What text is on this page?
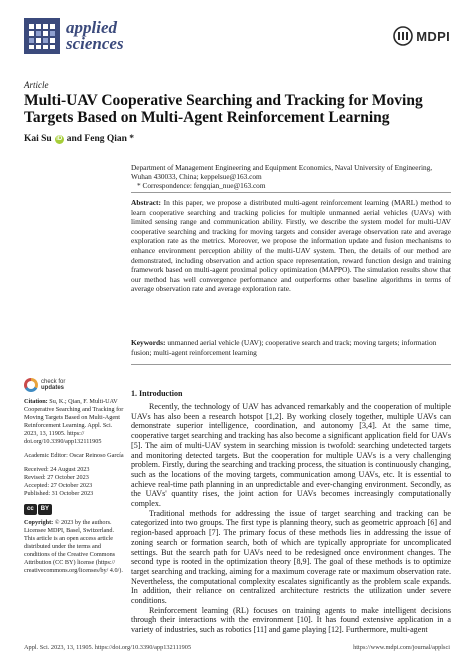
applied
sciences	MDPI
Article
Multi-UAV Cooperative Searching and Tracking for Moving Targets Based on Multi-Agent Reinforcement Learning
Kai Su iD and Feng Qian *
Department of Management Engineering and Equipment Economics, Naval University of Engineering,
Wuhan 430033, China; keppelsue@163.com
* Correspondence: fengqian_nue@163.com
Abstract: In this paper, we propose a distributed multi-agent reinforcement learning (MARL) method to learn cooperative searching and tracking policies for multiple unmanned aerial vehicles (UAVs) with limited sensing range and communication ability. Firstly, we describe the system model for multi-UAV cooperative searching and tracking for moving targets and consider average observation rate and average exploration rate as the metrics. Moreover, we propose the information update and fusion mechanisms to enhance environment perception ability of the multi-UAV system. Then, the details of our method are demonstrated, including observation and action space representation, reward function design and training framework based on multi-agent proximal policy optimization (MAPPO). The simulation results show that our method has well convergence performance and outperforms other baseline algorithms in terms of average observation rate and average exploration rate.
Keywords: unmanned aerial vehicle (UAV); cooperative search and track; moving targets; information fusion; multi-agent reinforcement learning
check for
updates
Citation: Su, K.; Qian, F. Multi-UAV Cooperative Searching and Tracking for Moving Targets Based on Multi-Agent Reinforcement Learning. Appl. Sci. 2023, 13, 11905. https:// doi.org/10.3390/app132111905
Academic Editor: Oscar Reinoso García
Received: 24 August 2023
Revised: 27 October 2023
Accepted: 27 October 2023
Published: 31 October 2023
cc	BY
Copyright: © 2023 by the authors. Licensee MDPI, Basel, Switzerland. This article is an open access article distributed under the terms and conditions of the Creative Commons Attribution (CC BY) license (https:// creativecommons.org/licenses/by/ 4.0/).
1. Introduction

Recently, the technology of UAV has advanced remarkably and the cooperation of multiple UAVs has also been a research hotspot [1,2]. By working closely together, multiple UAVs can demonstrate superior intelligence, coordination, and autonomy [3,4]. At the same time, cooperative target searching and tracking has also become a significant application field for UAVs [5]. The aim of multi-UAV system in searching mission is twofold: searching undetected targets and monitoring detected targets. But the cooperation for multiple UAVs is a very challenging problem. Firstly, during the searching and tracking process, the situation is continuously changing, such as the locations of the moving targets, communication among UAVs, etc. It is essential to achieve real-time path planning in an unpredictable and ever-changing environment. Secondly, as the UAVs' quantity rises, the joint action for UAVs becomes increasingly computationally complex.

Traditional methods for addressing the issue of target searching and tracking can be categorized into two groups. The first type is planning theory, such as geometric approach [6] and region-based approach [7]. The primary focus of these methods lies in addressing the issue of zoning search or formation search, both of which are typically appropriate for uncomplicated settings. But the search path for UAVs need to be redesigned once environment changes. The second type is rooted in the optimization theory [8,9]. The goal of these methods is to optimize target searching and tracking, aiming for a maximum coverage rate or maximum observation rate. Nevertheless, the computational complexity escalates significantly as the problem scale expands. In addition, their reliance on centralized architecture restricts the utilization under severe conditions.

Reinforcement learning (RL) focuses on training agents to make intelligent decisions through their interactions with the environment [10]. It has found extensive application in a variety of industries, such as robotics [11] and game playing [12]. Furthermore, multi-agent

Appl. Sci. 2023, 13, 11905. https://doi.org/10.3390/app132111905	https://www.mdpi.com/journal/applsci
